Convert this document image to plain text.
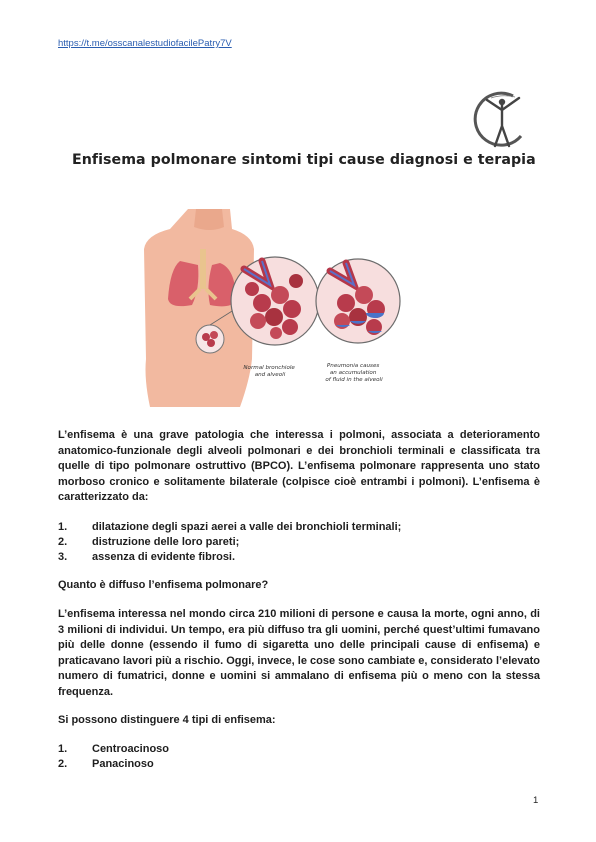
https://t.me/osscanalestudiofacilePatry7V
Enfisema polmonare sintomi tipi cause diagnosi e terapia
Normal bronchiole and alveoli
Pneumonia causes an accumulation of fluid in the alveoli
L’enfisema è una grave patologia che interessa i polmoni, associata a deterioramento anatomico-funzionale degli alveoli polmonari e dei bronchioli terminali e classificata tra quelle di tipo polmonare ostruttivo (BPCO). L’enfisema polmonare rappresenta uno stato morboso cronico e solitamente bilaterale (colpisce cioè entrambi i polmoni). L’enfisema è caratterizzato da:
1.	dilatazione degli spazi aerei a valle dei bronchioli terminali;
2.	distruzione delle loro pareti;
3.	assenza di evidente fibrosi.
Quanto è diffuso l’enfisema polmonare?
L’enfisema interessa nel mondo circa 210 milioni di persone e causa la morte, ogni anno, di 3 milioni di individui. Un tempo, era più diffuso tra gli uomini, perché quest’ultimi fumavano più delle donne (essendo il fumo di sigaretta uno delle principali cause di enfisema) e praticavano lavori più a rischio. Oggi, invece, le cose sono cambiate e, considerato l’elevato numero di fumatrici, donne e uomini si ammalano di enfisema più o meno con la stessa frequenza.
Si possono distinguere 4 tipi di enfisema:
1.	Centroacinoso
2.	Panacinoso
1
